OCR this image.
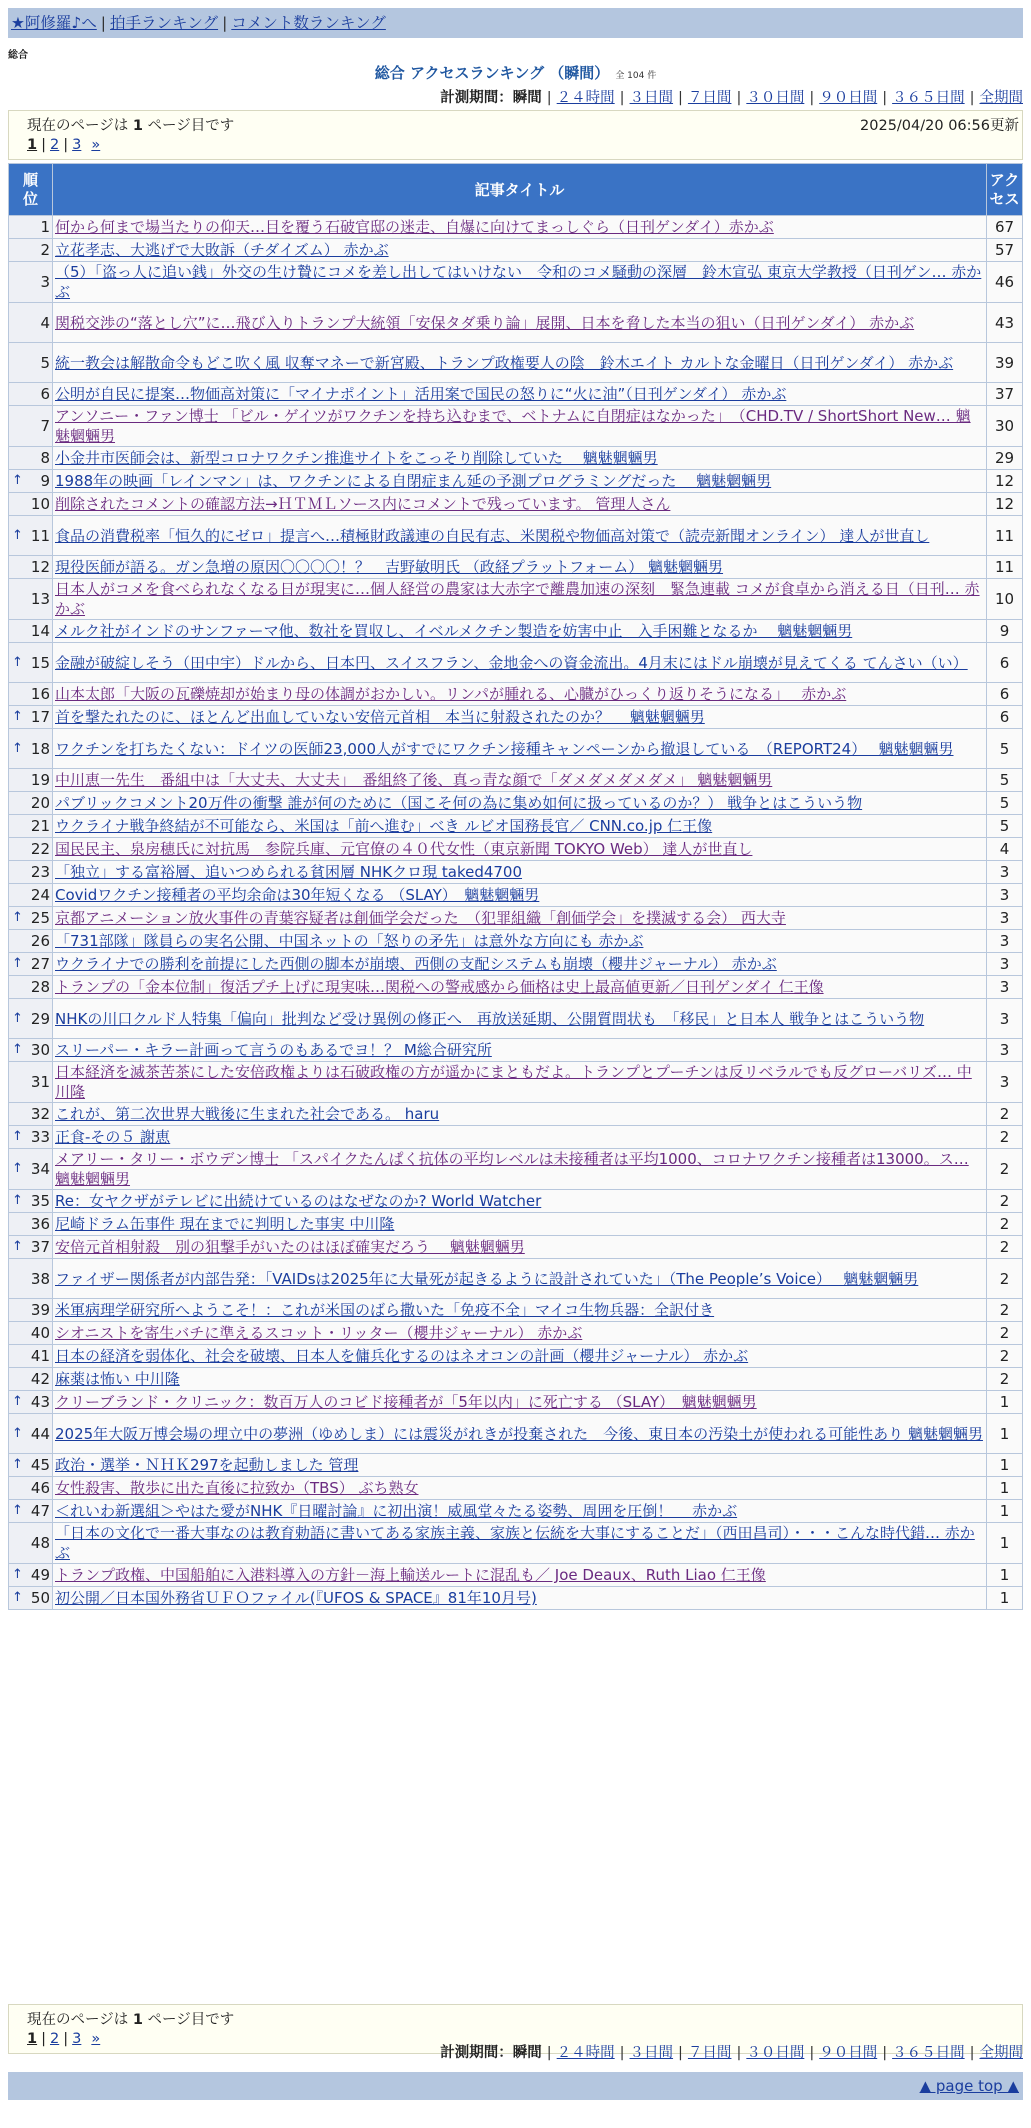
★阿修羅♪へ | 拍手ランキング | コメント数ランキング
総合
総合 アクセスランキング （瞬間） 全 104 件
計測期間：瞬間 | ２４時間 | ３日間 | ７日間 | ３０日間 | ９０日間 | ３６５日間 | 全期間
現在のページは 1 ページ目です
1 | 2 | 3 »
2025/04/20 06:56更新
順位	記事タイトル	アクセス
1	何から何まで場当たりの仰天…目を覆う石破官邸の迷走、自爆に向けてまっしぐら（日刊ゲンダイ）赤かぶ	67
2	立花孝志、大逃げで大敗訴（チダイズム） 赤かぶ	57
3	（5）「盗っ人に追い銭」外交の生け贄にコメを差し出してはいけない　令和のコメ騒動の深層　鈴木宣弘 東京大学教授（日刊ゲン… 赤かぶ	46
4	関税交渉の“落とし穴”に…飛び入りトランプ大統領「安保タダ乗り論」展開、日本を脅した本当の狙い（日刊ゲンダイ） 赤かぶ	43
5	統一教会は解散命令もどこ吹く風 収奪マネーで新宮殿、トランプ政権要人の陰　鈴木エイト カルトな金曜日（日刊ゲンダイ） 赤かぶ	39
6	公明が自民に提案…物価高対策に「マイナポイント」活用案で国民の怒りに“火に油”（日刊ゲンダイ） 赤かぶ	37
7	アンソニー・ファン博士 「ビル・ゲイツがワクチンを持ち込むまで、ベトナムに自閉症はなかった」　（CHD.TV / ShortShort New… 魑魅魍魎男	30
8	小金井市医師会は、新型コロナワクチン推進サイトをこっそり削除していた　 魑魅魍魎男	29

↑ 9	1988年の映画「レインマン」は、ワクチンによる自閉症まん延の予測プログラミングだった　 魑魅魍魎男	12
10	削除されたコメントの確認方法→ＨＴＭＬソース内にコメントで残っています。 管理人さん	12

↑ 11	食品の消費税率「恒久的にゼロ」提言へ…積極財政議連の自民有志、米関税や物価高対策で（読売新聞オンライン） 達人が世直し	11
12	現役医師が語る。ガン急増の原因〇〇〇〇！？　吉野敏明氏 （政経プラットフォーム） 魑魅魍魎男	11
13	日本人がコメを食べられなくなる日が現実に…個人経営の農家は大赤字で離農加速の深刻　緊急連載 コメが食卓から消える日（日刊… 赤かぶ	10
14	メルク社がインドのサンファーマ他、数社を買収し、イベルメクチン製造を妨害中止　入手困難となるか　 魑魅魍魎男	9

↑ 15	金融が破綻しそう（田中宇）ドルから、日本円、スイスフラン、金地金への資金流出。4月末にはドル崩壊が見えてくる てんさい（い）	6
16	山本太郎「大阪の瓦礫焼却が始まり母の体調がおかしい。リンパが腫れる、心臓がひっくり返りそうになる」　 赤かぶ	6

↑ 17	首を撃たれたのに、ほとんど出血していない安倍元首相　本当に射殺されたのか？　 魑魅魍魎男	6

↑ 18	ワクチンを打ちたくない：ドイツの医師23,000人がすでにワクチン接種キャンペーンから撤退している　（REPORT24）　 魑魅魍魎男	5
19	中川恵一先生　番組中は「大丈夫、大丈夫」　番組終了後、真っ青な顔で「ダメダメダメダメ」 魑魅魍魎男	5
20	パブリックコメント20万件の衝撃 誰が何のために（国こそ何の為に集め如何に扱っているのか？） 戦争とはこういう物	5
21	ウクライナ戦争終結が不可能なら、米国は「前へ進む」べき ルビオ国務長官／ CNN.co.jp 仁王像	5
22	国民民主、泉房穂氏に対抗馬　参院兵庫、元官僚の４０代女性（東京新聞 TOKYO Web） 達人が世直し	4
23	「独立」する富裕層、追いつめられる貧困層 NHKクロ現 taked4700	3
24	Covidワクチン接種者の平均余命は30年短くなる （SLAY）　魑魅魍魎男	3

↑ 25	京都アニメーション放火事件の青葉容疑者は創価学会だった　（犯罪組織「創価学会」を撲滅する会） 西大寺	3
26	「731部隊」隊員らの実名公開、中国ネットの「怒りの矛先」は意外な方向にも 赤かぶ	3

↑ 27	ウクライナでの勝利を前提にした西側の脚本が崩壊、西側の支配システムも崩壊（櫻井ジャーナル） 赤かぶ	3
28	トランプの「金本位制」復活プチ上げに現実味…関税への警戒感から価格は史上最高値更新／日刊ゲンダイ 仁王像	3

↑ 29	NHKの川口クルド人特集「偏向」批判など受け異例の修正へ　再放送延期、公開質問状も　「移民」と日本人 戦争とはこういう物	3

↑ 30	スリーパー・キラー計画って言うのもあるでヨ！？ M総合研究所	3
31	日本経済を滅茶苦茶にした安倍政権よりは石破政権の方が遥かにまともだよ。トランプとプーチンは反リベラルでも反グローバリズ… 中川隆	3
32	これが、第二次世界大戦後に生まれた社会である。 haru	2

↑ 33	正食-その５ 謝恵	2

↑ 34	メアリー・タリー・ボウデン博士 「スパイクたんぱく抗体の平均レベルは未接種者は平均1000、コロナワクチン接種者は13000。ス… 魑魅魍魎男	2

↑ 35	Re：女ヤクザがテレビに出続けているのはなぜなのか? World Watcher	2
36	尼崎ドラム缶事件 現在までに判明した事実 中川隆	2

↑ 37	安倍元首相射殺　別の狙撃手がいたのはほぼ確実だろう　 魑魅魍魎男	2
38	ファイザー関係者が内部告発：「VAIDsは2025年に大量死が起きるように設計されていた」（The People’s Voice）　 魑魅魍魎男	2
39	米軍病理学研究所へようこそ！：これが米国のばら撒いた「免疫不全」マイコ生物兵器：全訳付き	2
40	シオニストを寄生バチに準えるスコット・リッター（櫻井ジャーナル） 赤かぶ	2
41	日本の経済を弱体化、社会を破壊、日本人を傭兵化するのはネオコンの計画（櫻井ジャーナル） 赤かぶ	2
42	麻薬は怖い 中川隆	2

↑ 43	クリーブランド・クリニック：数百万人のコビド接種者が「5年以内」に死亡する （SLAY）　魑魅魍魎男	1

↑ 44	2025年大阪万博会場の埋立中の夢洲（ゆめしま）には震災がれきが投棄された　今後、東日本の汚染土が使われる可能性あり 魑魅魍魎男	1

↑ 45	政治・選挙・ＮＨＫ297を起動しました 管理	1
46	女性殺害、散歩に出た直後に拉致か（TBS） ぶち熟女	1

↑ 47	＜れいわ新選組＞やはた愛がNHK『日曜討論』に初出演！威風堂々たる姿勢、周囲を圧倒！　 赤かぶ	1
48	「日本の文化で一番大事なのは教育勅語に書いてある家族主義、家族と伝統を大事にすることだ」（西田昌司）・・・こんな時代錯… 赤かぶ	1

↑ 49	トランプ政権、中国船舶に入港料導入の方針－海上輸送ルートに混乱も／ Joe Deaux、Ruth Liao 仁王像	1

↑ 50	初公開／日本国外務省ＵＦＯファイル(『UFOS & SPACE』81年10月号)	1
現在のページは 1 ページ目です
1 | 2 | 3 »
計測期間：瞬間 | ２４時間 | ３日間 | ７日間 | ３０日間 | ９０日間 | ３６５日間 | 全期間
▲ page top ▲
